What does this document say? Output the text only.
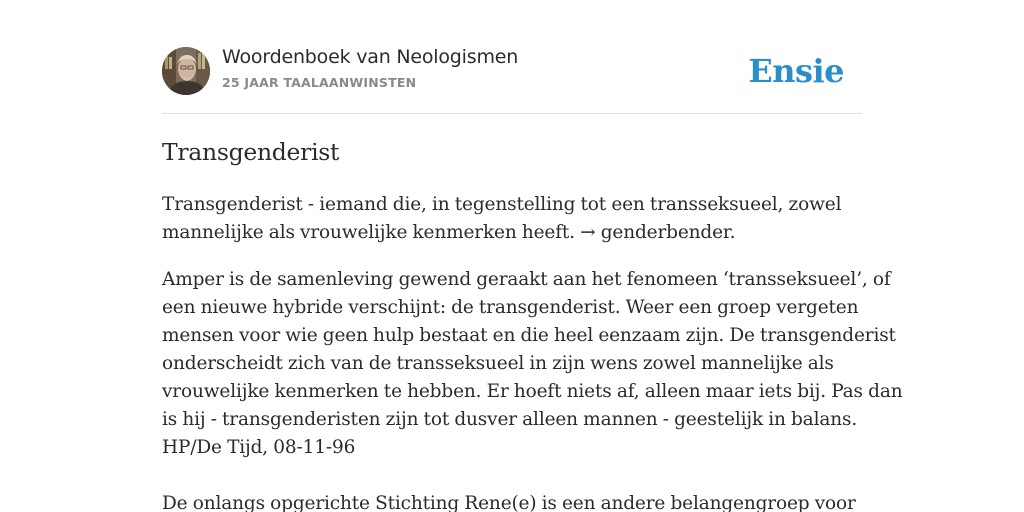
Woordenboek van Neologismen
25 JAAR TAALAANWINSTEN	Ensie
Transgenderist

Transgenderist - iemand die, in tegenstelling tot een transseksueel, zowel
mannelijke als vrouwelijke kenmerken heeft. → genderbender.

Amper is de samenleving gewend geraakt aan het fenomeen ‘transseksueel’, of
een nieuwe hybride verschijnt: de transgenderist. Weer een groep vergeten
mensen voor wie geen hulp bestaat en die heel eenzaam zijn. De transgenderist
onderscheidt zich van de transseksueel in zijn wens zowel mannelijke als
vrouwelijke kenmerken te hebben. Er hoeft niets af, alleen maar iets bij. Pas dan
is hij - transgenderisten zijn tot dusver alleen mannen - geestelijk in balans.
HP/De Tijd, 08-11-96

De onlangs opgerichte Stichting Rene(e) is een andere belangengroep voor
